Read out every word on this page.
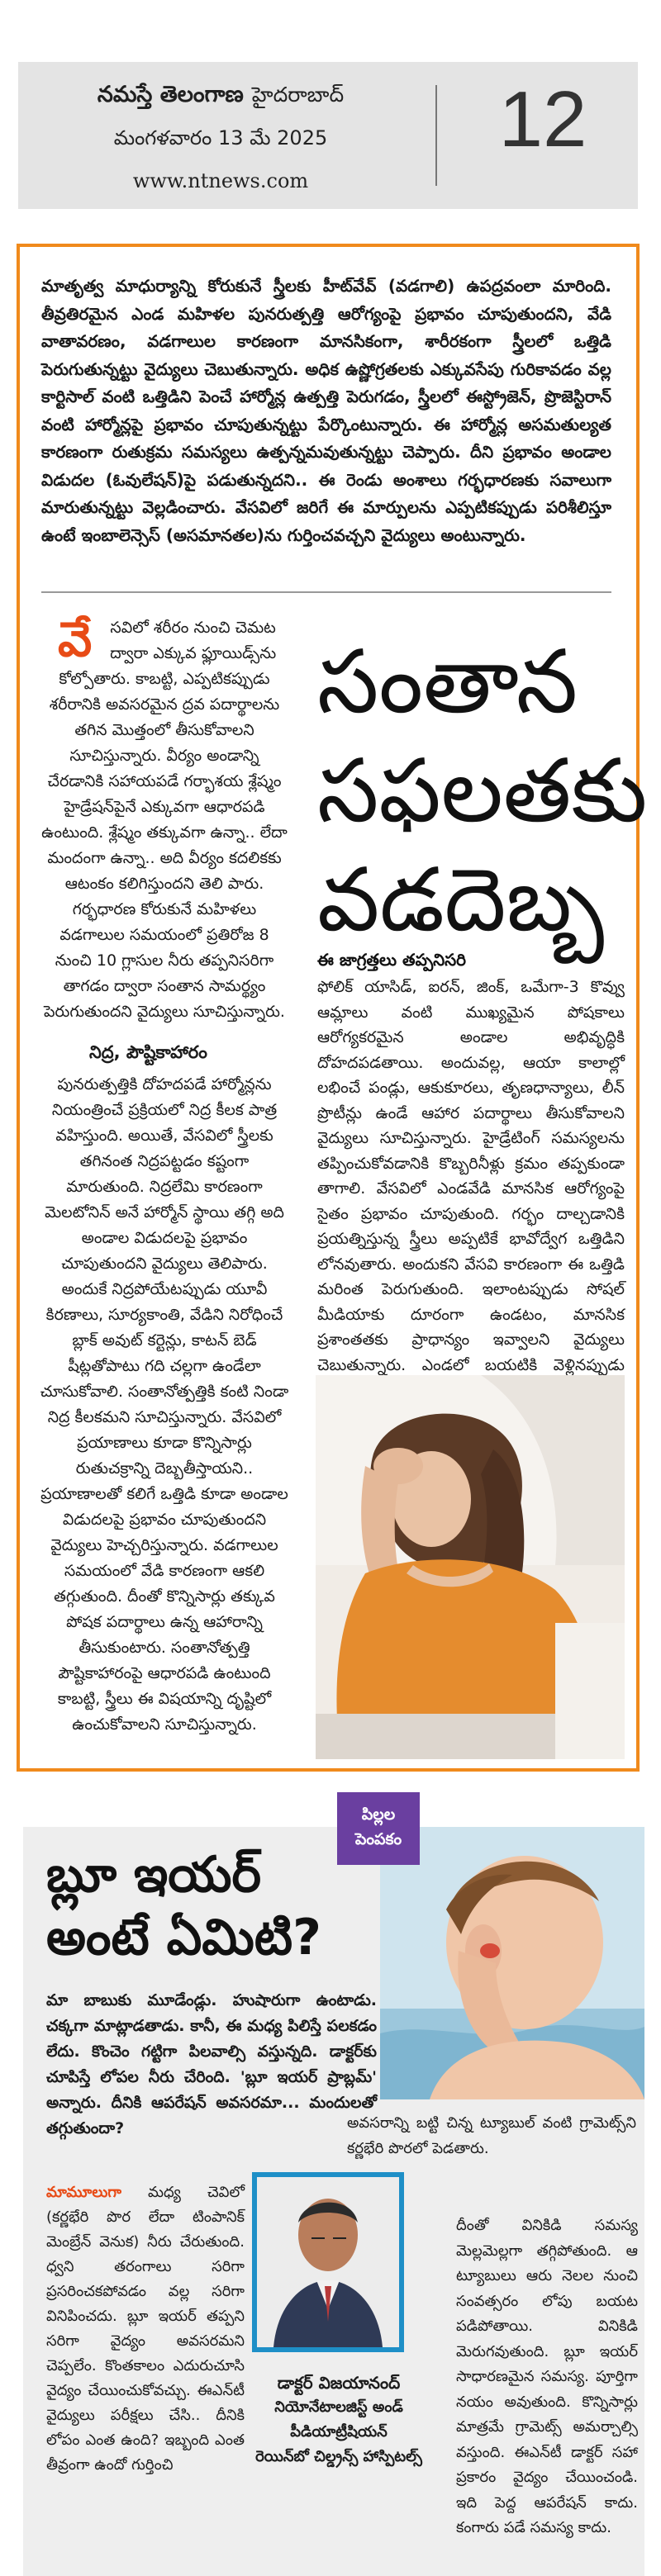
నమస్తే తెలంగాణ హైదరాబాద్
మంగళవారం 13 మే 2025
www.ntnews.com
12

మాతృత్వ మాధుర్యాన్ని కోరుకునే స్త్రీలకు హీట్‌వేవ్ (వడగాలి) ఉపద్రవంలా మారింది. తీవ్రతిరమైన ఎండ మహిళల పునరుత్పత్తి ఆరోగ్యంపై ప్రభావం చూపుతుందని, వేడి వాతావరణం, వడగాలుల కారణంగా మానసికంగా, శారీరకంగా స్త్రీలలో ఒత్తిడి పెరుగుతున్నట్టు వైద్యులు చెబుతున్నారు. అధిక ఉష్ణోగ్రతలకు ఎక్కువసేపు గురికావడం వల్ల కార్టిసాల్ వంటి ఒత్తిడిని పెంచే హార్మోన్ల ఉత్పత్తి పెరుగడం, స్త్రీలలో ఈస్ట్రోజెన్, ప్రొజెస్టిరాన్ వంటి హార్మోన్లపై ప్రభావం చూపుతున్నట్టు పేర్కొంటున్నారు. ఈ హార్మోన్ల అసమతుల్యత కారణంగా రుతుక్రమ సమస్యలు ఉత్పన్నమవుతున్నట్టు చెప్పారు. దీని ప్రభావం అండాల విడుదల (ఓవులేషన్)పై పడుతున్నదని.. ఈ రెండు అంశాలు గర్భధారణకు సవాలుగా మారుతున్నట్టు వెల్లడించారు. వేసవిలో జరిగే ఈ మార్పులను ఎప్పటికప్పుడు పరిశీలిస్తూ ఉంటే ఇంబాలెన్సెస్ (అసమానతల)ను గుర్తించవచ్చని వైద్యులు అంటున్నారు.

వే సవిలో శరీరం నుంచి చెమట ద్వారా ఎక్కువ ఫ్లూయిడ్స్‌ను కోల్పోతారు. కాబట్టి, ఎప్పటికప్పుడు శరీరానికి అవసరమైన ద్రవ పదార్థాలను తగిన మొత్తంలో తీసుకోవాలని సూచిస్తున్నారు. వీర్యం అండాన్ని చేరడానికి సహాయపడే గర్భాశయ శ్లేష్మం హైడ్రేషన్‌పైనే ఎక్కువగా ఆధారపడి ఉంటుంది. శ్లేష్మం తక్కువగా ఉన్నా.. లేదా మందంగా ఉన్నా.. అది వీర్యం కదలికకు ఆటంకం కలిగిస్తుందని తెలి పారు. గర్భధారణ కోరుకునే మహిళలు వడగాలుల సమయంలో ప్రతిరోజ 8 నుంచి 10 గ్లాసుల నీరు తప్పనిసరిగా తాగడం ద్వారా సంతాన సామర్థ్యం పెరుగుతుందని వైద్యులు సూచిస్తున్నారు.

నిద్ర, పౌష్టికాహారం

పునరుత్పత్తికి దోహదపడే హార్మోన్లను నియంత్రించే ప్రక్రియలో నిద్ర కీలక పాత్ర వహిస్తుంది. అయితే, వేసవిలో స్త్రీలకు తగినంత నిద్రపట్టడం కష్టంగా మారుతుంది. నిద్రలేమి కారణంగా మెలటోనిన్ అనే హార్మోన్ స్థాయి తగ్గి అది అండాల విడుదలపై ప్రభావం చూపుతుందని వైద్యులు తెలిపారు. అందుకే నిద్రపోయేటప్పుడు యూవీ కిరణాలు, సూర్యకాంతి, వేడిని నిరోధించే బ్లాక్ అవుట్ కర్టెన్లు, కాటన్ బెడ్ షీట్లతోపాటు గది చల్లగా ఉండేలా చూసుకోవాలి. సంతానోత్పత్తికి కంటి నిండా నిద్ర కీలకమని సూచిస్తున్నారు. వేసవిలో ప్రయాణాలు కూడా కొన్నిసార్లు రుతుచక్రాన్ని దెబ్బతీస్తాయని.. ప్రయాణాలతో కలిగే ఒత్తిడి కూడా అండాల విడుదలపై ప్రభావం చూపుతుందని వైద్యులు హెచ్చరిస్తున్నారు. వడగాలుల సమయంలో వేడి కారణంగా ఆకలి తగ్గుతుంది. దీంతో కొన్నిసార్లు తక్కువ పోషక పదార్థాలు ఉన్న ఆహారాన్ని తీసుకుంటారు. సంతానోత్పత్తి పౌష్టికాహారంపై ఆధారపడి ఉంటుంది కాబట్టి, స్త్రీలు ఈ విషయాన్ని దృష్టిలో ఉంచుకోవాలని సూచిస్తున్నారు.

సంతాన సఫలతకు వడదెబ్బ
ఈ జాగ్రత్తలు తప్పనిసరి

ఫోలిక్ యాసిడ్, ఐరన్, జింక్, ఒమేగా-3 కొవ్వు ఆమ్లాలు వంటి ముఖ్యమైన పోషకాలు ఆరోగ్యకరమైన అండాల అభివృద్ధికి దోహదపడతాయి. అందువల్ల, ఆయా కాలాల్లో లభించే పండ్లు, ఆకుకూరలు, తృణధాన్యాలు, లీన్ ప్రొటీన్లు ఉండే ఆహార పదార్థాలు తీసుకోవాలని వైద్యులు సూచిస్తున్నారు. హైడ్రేటింగ్ సమస్యలను తప్పించుకోవడానికి కొబ్బరినీళ్లు క్రమం తప్పకుండా తాగాలి. వేసవిలో ఎండవేడి మానసిక ఆరోగ్యంపై సైతం ప్రభావం చూపుతుంది. గర్భం దాల్చడానికి ప్రయత్నిస్తున్న స్త్రీలు అప్పటికే భావోద్వేగ ఒత్తిడిని లోనవుతారు. అందుకని వేసవి కారణంగా ఈ ఒత్తిడి మరింత పెరుగుతుంది. ఇలాంటప్పుడు సోషల్ మీడియాకు దూరంగా ఉండటం, మానసిక ప్రశాంతతకు ప్రాధాన్యం ఇవ్వాలని వైద్యులు చెబుతున్నారు. ఎండలో బయటికి వెళ్లినప్పుడు

పిల్లల పెంపకం
బ్లూ ఇయర్ అంటే ఏమిటి?

మా బాబుకు మూడేండ్లు. హుషారుగా ఉంటాడు. చక్కగా మాట్లాడతాడు. కానీ, ఈ మధ్య పిలిస్తే పలకడం లేదు. కొంచెం గట్టిగా పిలవాల్సి వస్తున్నది. డాక్టర్‌కు చూపిస్తే లోపల నీరు చేరింది. 'బ్లూ ఇయర్ ప్రాబ్లమ్' అన్నారు. దీనికి ఆపరేషన్ అవసరమా... మందులతో తగ్గుతుందా?

మామూలుగా మధ్య చెవిలో (కర్ణభేరి పొర లేదా టింపానిక్ మెంబ్రేన్ వెనుక) నీరు చేరుతుంది. ధ్వని తరంగాలు సరిగా ప్రసరించకపోవడం వల్ల సరిగా వినిపించదు. బ్లూ ఇయర్ తప్పని సరిగా వైద్యం అవసరమని చెప్పలేం. కొంతకాలం ఎదురుచూసి వైద్యం చేయించుకోవచ్చు. ఈఎన్‌టీ వైద్యులు పరీక్షలు చేసి.. దీనికి లోపం ఎంత ఉంది? ఇబ్బంది ఎంత తీవ్రంగా ఉందో గుర్తించి

అవసరాన్ని బట్టి చిన్న ట్యూబుల్ వంటి గ్రామెట్స్‌ని కర్ణభేరి పొరలో పెడతారు.

దీంతో వినికిడి సమస్య మెల్లమెల్లగా తగ్గిపోతుంది. ఆ ట్యూబులు ఆరు నెలల నుంచి సంవత్సరం లోపు బయట పడిపోతాయి. వినికిడి మెరుగవుతుంది. బ్లూ ఇయర్ సాధారణమైన సమస్య. పూర్తిగా నయం అవుతుంది. కొన్నిసార్లు మాత్రమే గ్రామెట్స్ అమర్చాల్సి వస్తుంది. ఈఎన్‌టీ డాక్టర్ సహా ప్రకారం వైద్యం చేయించండి. ఇది పెద్ద ఆపరేషన్ కాదు. కంగారు పడే సమస్య కాదు.

డాక్టర్ విజయానంద్
నియోనేటాలజిస్ట్ అండ్
పీడియాట్రీషియన్
రెయిన్‌బో చిల్డ్రన్స్ హాస్పిటల్స్
